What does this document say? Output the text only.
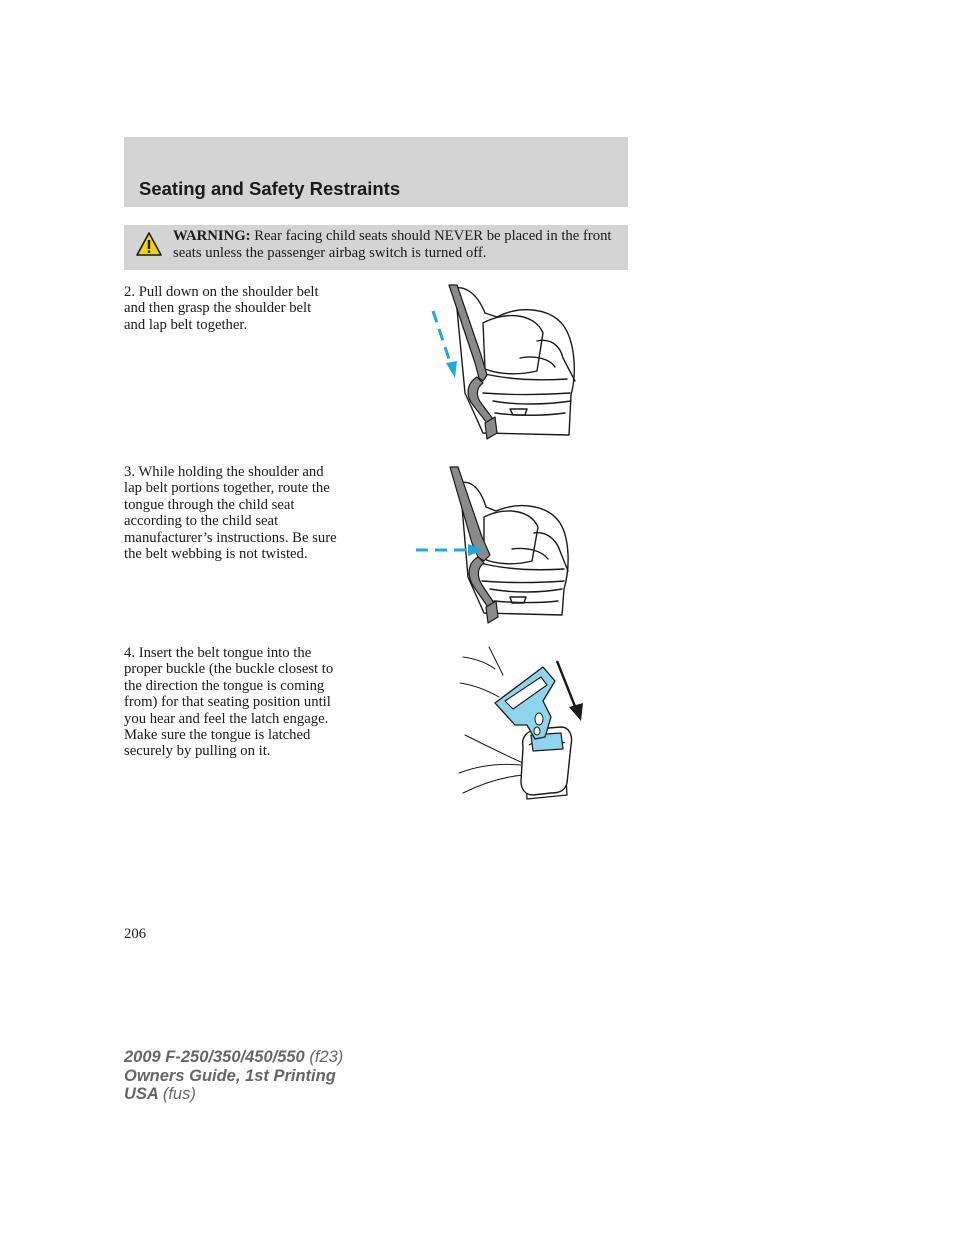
Seating and Safety Restraints
WARNING: Rear facing child seats should NEVER be placed in the front seats unless the passenger airbag switch is turned off.
2. Pull down on the shoulder belt
and then grasp the shoulder belt
and lap belt together.
3. While holding the shoulder and
lap belt portions together, route the
tongue through the child seat
according to the child seat
manufacturer’s instructions. Be sure
the belt webbing is not twisted.
4. Insert the belt tongue into the
proper buckle (the buckle closest to
the direction the tongue is coming
from) for that seating position until
you hear and feel the latch engage.
Make sure the tongue is latched
securely by pulling on it.
206
2009 F-250/350/450/550 (f23)
Owners Guide, 1st Printing
USA (fus)
